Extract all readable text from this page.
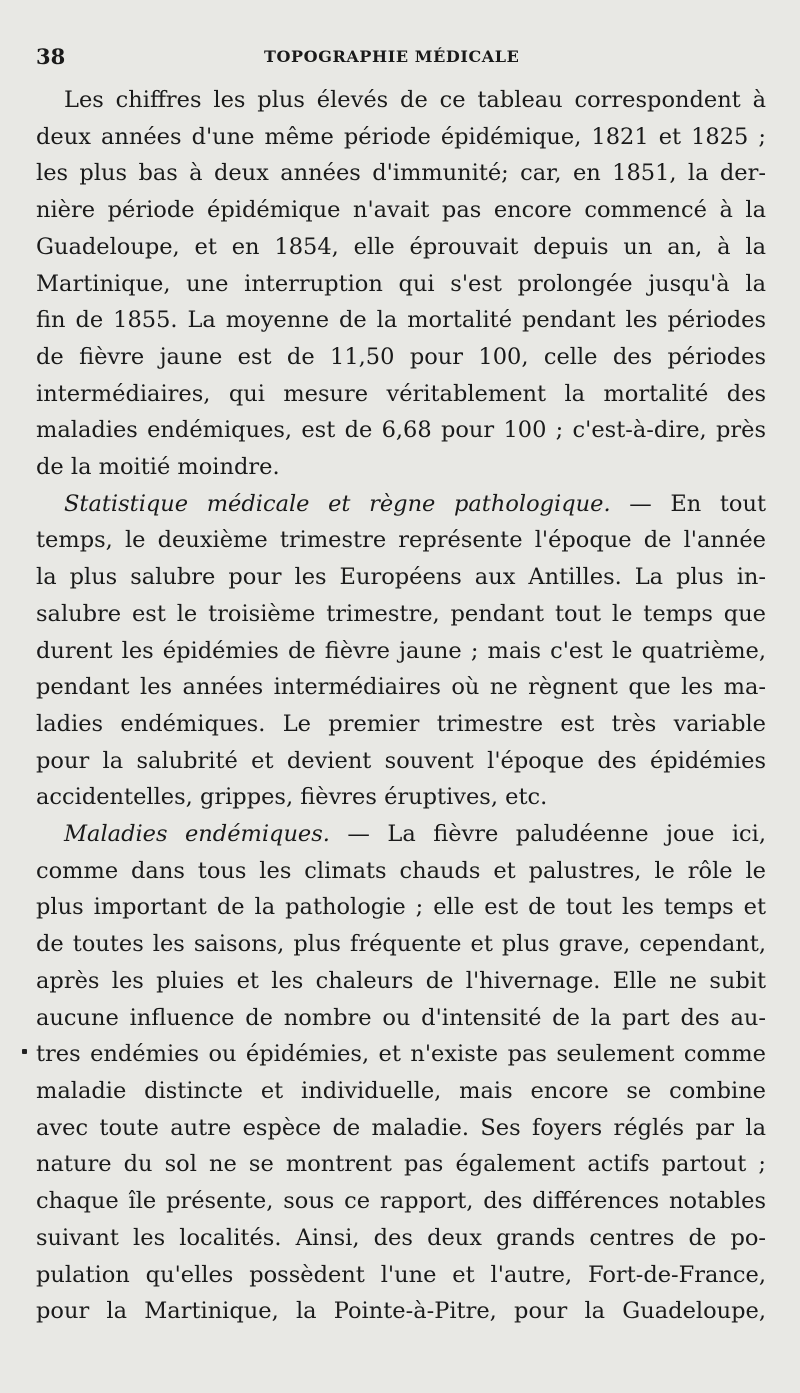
38	TOPOGRAPHIE MÉDICALE

Les chiffres les plus élevés de ce tableau correspondent à
deux années d'une même période épidémique, 1821 et 1825 ;
les plus bas à deux années d'immunité; car, en 1851, la der-
nière période épidémique n'avait pas encore commencé à la
Guadeloupe, et en 1854, elle éprouvait depuis un an, à la
Martinique, une interruption qui s'est prolongée jusqu'à la
fin de 1855. La moyenne de la mortalité pendant les périodes
de fièvre jaune est de 11,50 pour 100, celle des périodes
intermédiaires, qui mesure véritablement la mortalité des
maladies endémiques, est de 6,68 pour 100 ; c'est-à-dire, près
de la moitié moindre.

Statistique médicale et règne pathologique. — En tout
temps, le deuxième trimestre représente l'époque de l'année
la plus salubre pour les Européens aux Antilles. La plus in-
salubre est le troisième trimestre, pendant tout le temps que
durent les épidémies de fièvre jaune ; mais c'est le quatrième,
pendant les années intermédiaires où ne règnent que les ma-
ladies endémiques. Le premier trimestre est très variable
pour la salubrité et devient souvent l'époque des épidémies
accidentelles, grippes, fièvres éruptives, etc.

Maladies endémiques. — La fièvre paludéenne joue ici,
comme dans tous les climats chauds et palustres, le rôle le
plus important de la pathologie ; elle est de tout les temps et
de toutes les saisons, plus fréquente et plus grave, cependant,
après les pluies et les chaleurs de l'hivernage. Elle ne subit
aucune influence de nombre ou d'intensité de la part des au-
tres endémies ou épidémies, et n'existe pas seulement comme
maladie distincte et individuelle, mais encore se combine
avec toute autre espèce de maladie. Ses foyers réglés par la
nature du sol ne se montrent pas également actifs partout ;
chaque île présente, sous ce rapport, des différences notables
suivant les localités. Ainsi, des deux grands centres de po-
pulation qu'elles possèdent l'une et l'autre, Fort-de-France,
pour la Martinique, la Pointe-à-Pitre, pour la Guadeloupe,
